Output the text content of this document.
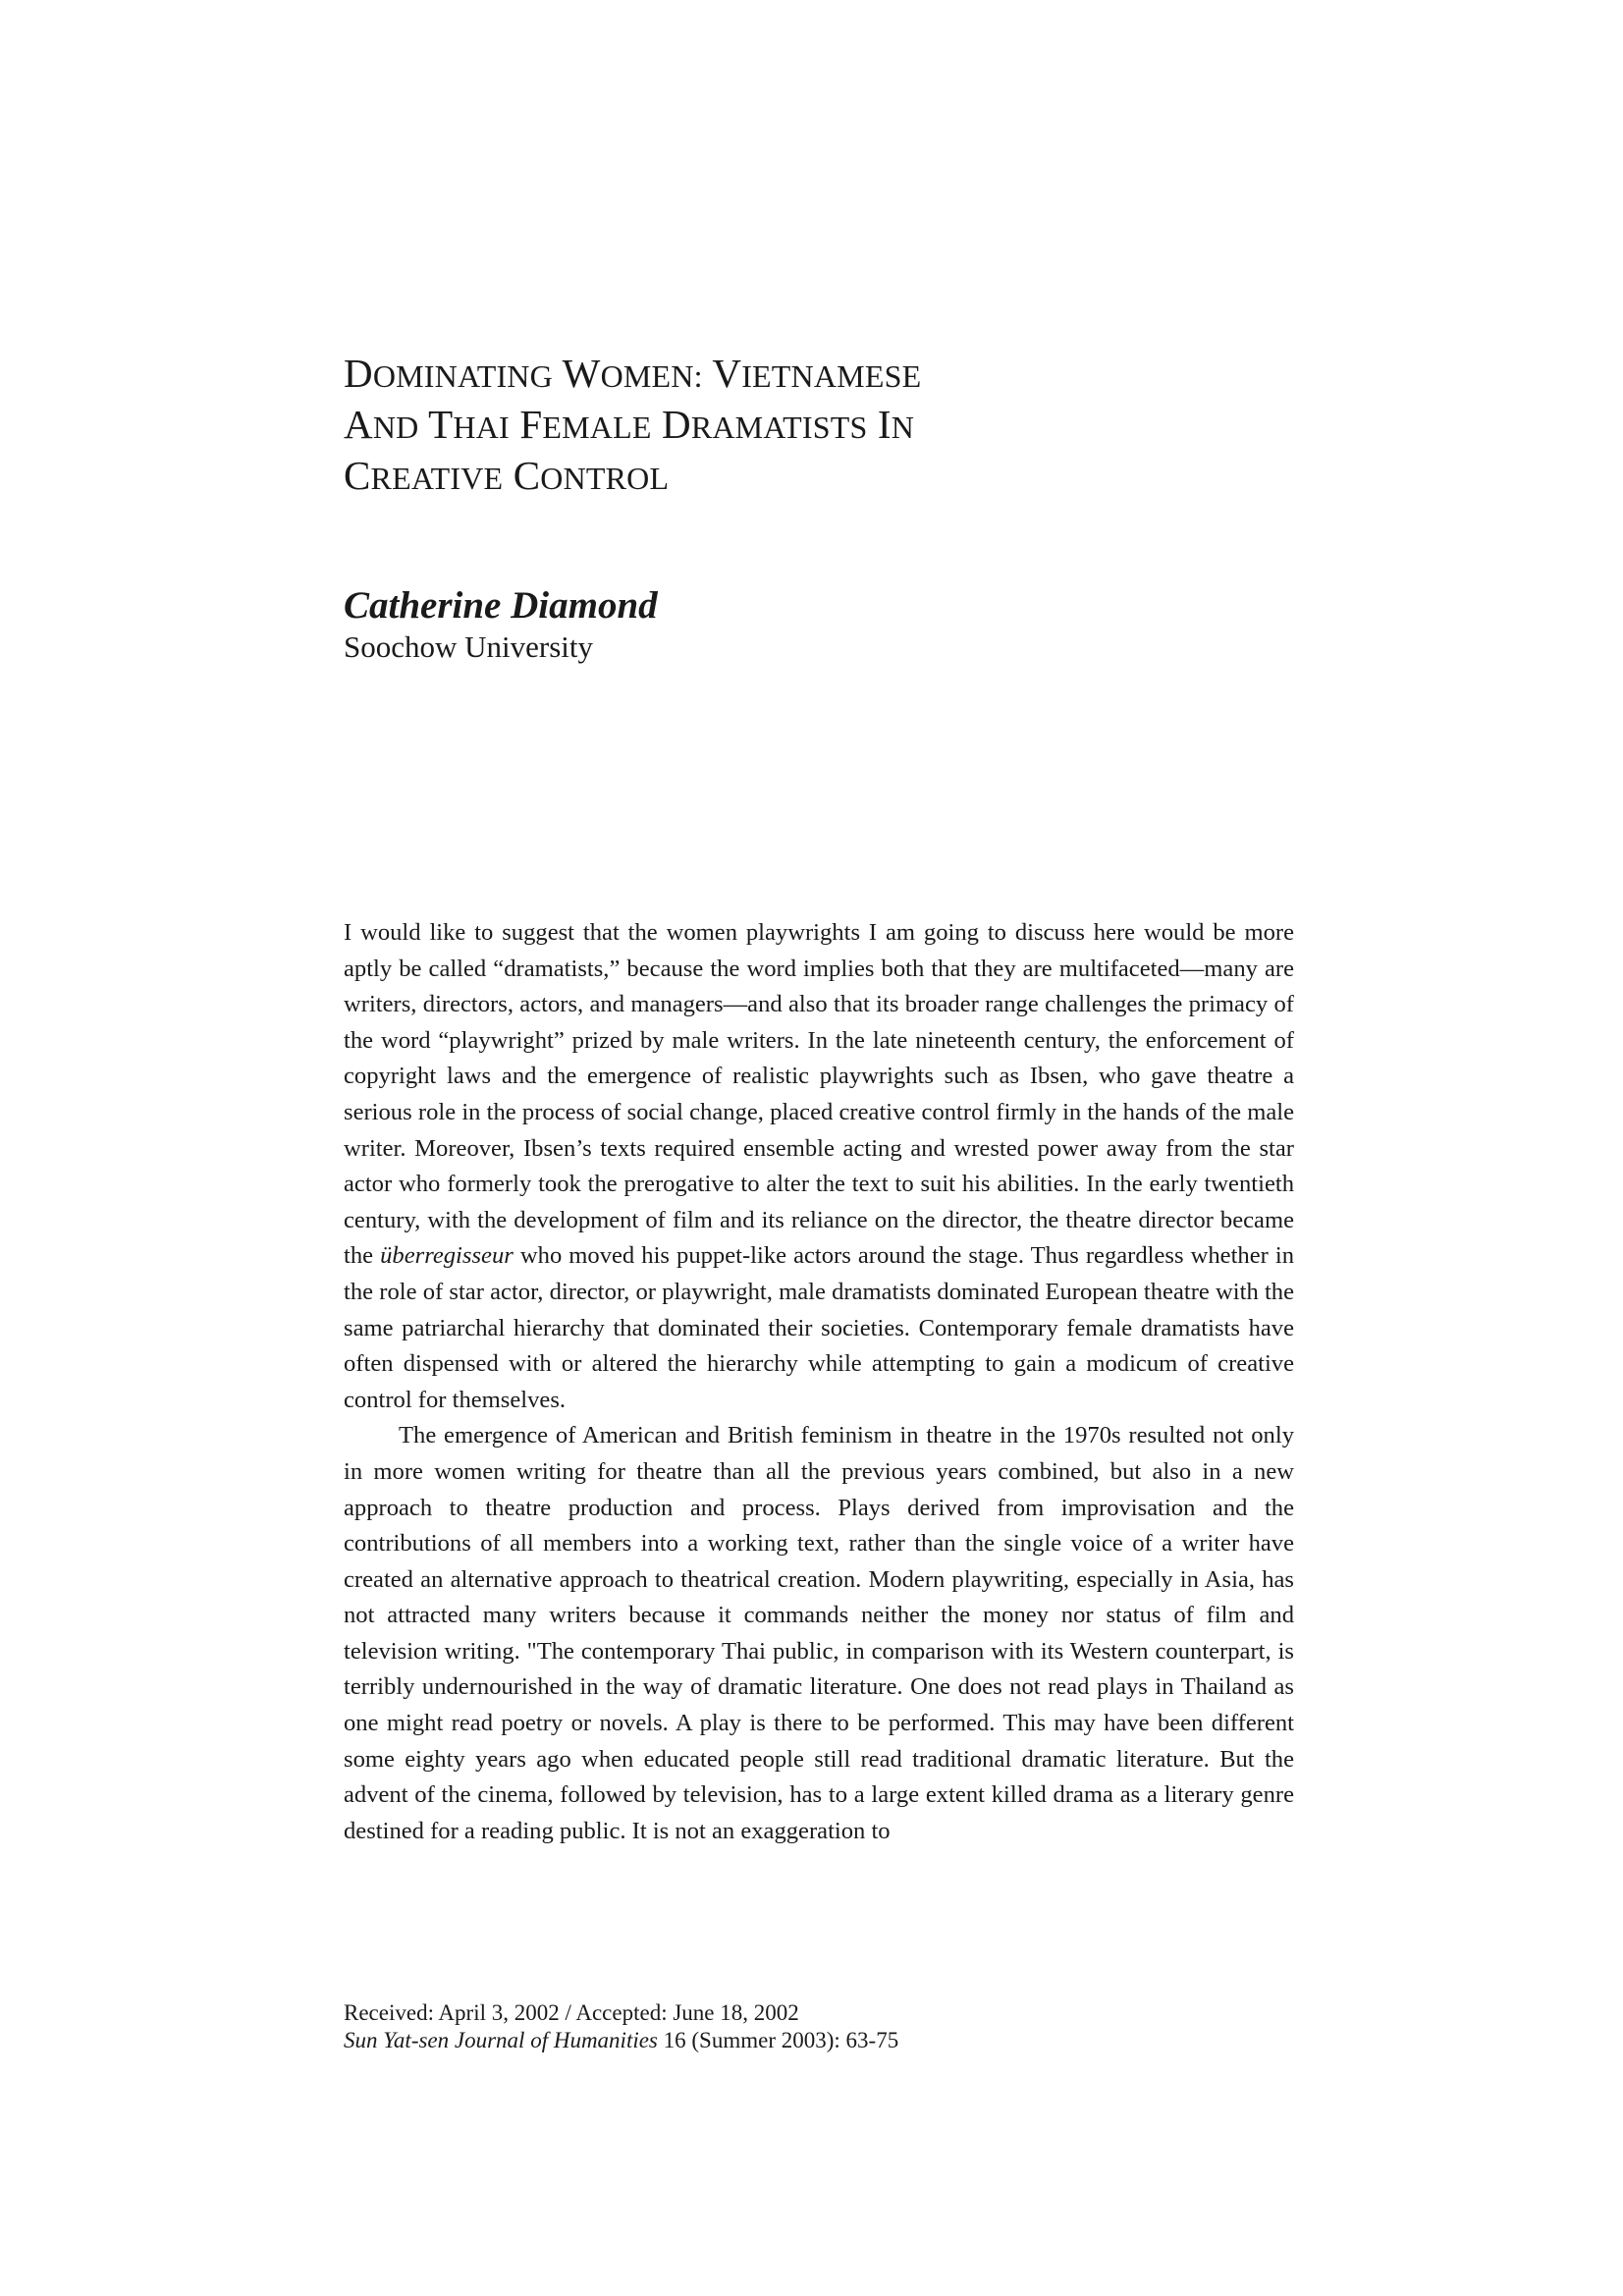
DOMINATING WOMEN: VIETNAMESE
AND THAI FEMALE DRAMATISTS IN
CREATIVE CONTROL
Catherine Diamond
Soochow University

I would like to suggest that the women playwrights I am going to discuss here would be more aptly be called “dramatists,” because the word implies both that they are multifaceted—many are writers, directors, actors, and managers—and also that its broader range challenges the primacy of the word “playwright” prized by male writers. In the late nineteenth century, the enforcement of copyright laws and the emergence of realistic playwrights such as Ibsen, who gave theatre a serious role in the process of social change, placed creative control firmly in the hands of the male writer. Moreover, Ibsen’s texts required ensemble acting and wrested power away from the star actor who formerly took the prerogative to alter the text to suit his abilities. In the early twentieth century, with the development of film and its reliance on the director, the theatre director became the überregisseur who moved his puppet-like actors around the stage. Thus regardless whether in the role of star actor, director, or playwright, male dramatists dominated European theatre with the same patriarchal hierarchy that dominated their societies. Contemporary female dramatists have often dispensed with or altered the hierarchy while attempting to gain a modicum of creative control for themselves.

The emergence of American and British feminism in theatre in the 1970s resulted not only in more women writing for theatre than all the previous years combined, but also in a new approach to theatre production and process. Plays derived from improvisation and the contributions of all members into a working text, rather than the single voice of a writer have created an alternative approach to theatrical creation. Modern playwriting, especially in Asia, has not attracted many writers because it commands neither the money nor status of film and television writing. "The contemporary Thai public, in comparison with its Western counterpart, is terribly undernourished in the way of dramatic literature. One does not read plays in Thailand as one might read poetry or novels. A play is there to be performed. This may have been different some eighty years ago when educated people still read traditional dramatic literature. But the advent of the cinema, followed by television, has to a large extent killed drama as a literary genre destined for a reading public. It is not an exaggeration to

Received: April 3, 2002 / Accepted: June 18, 2002
Sun Yat-sen Journal of Humanities 16 (Summer 2003): 63-75
